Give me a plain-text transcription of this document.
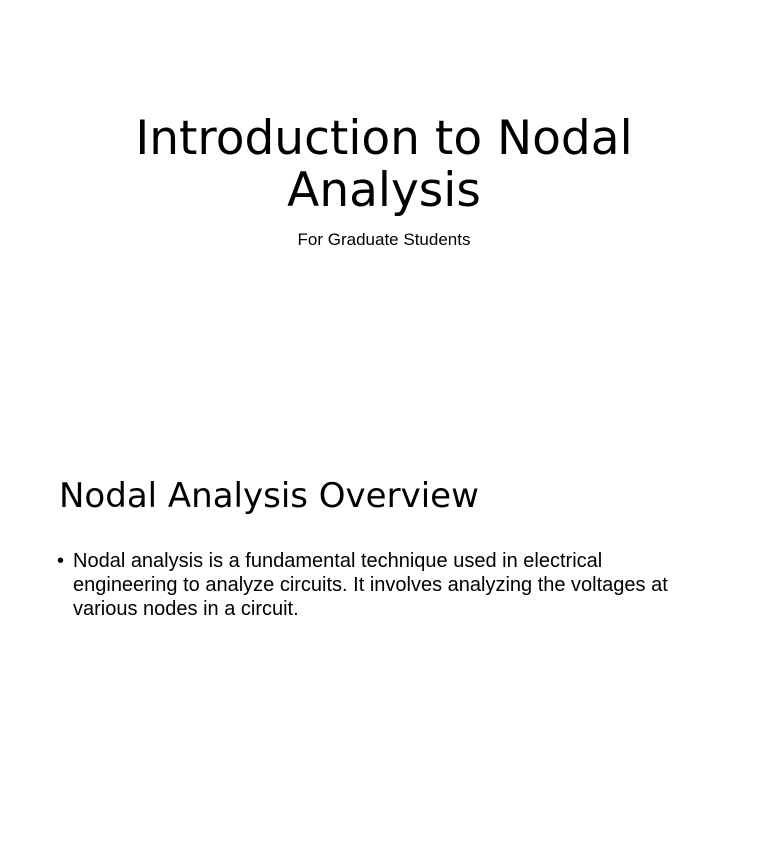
Introduction to Nodal Analysis

For Graduate Students

Nodal Analysis Overview
• Nodal analysis is a fundamental technique used in electrical engineering to analyze circuits. It involves analyzing the voltages at various nodes in a circuit.
